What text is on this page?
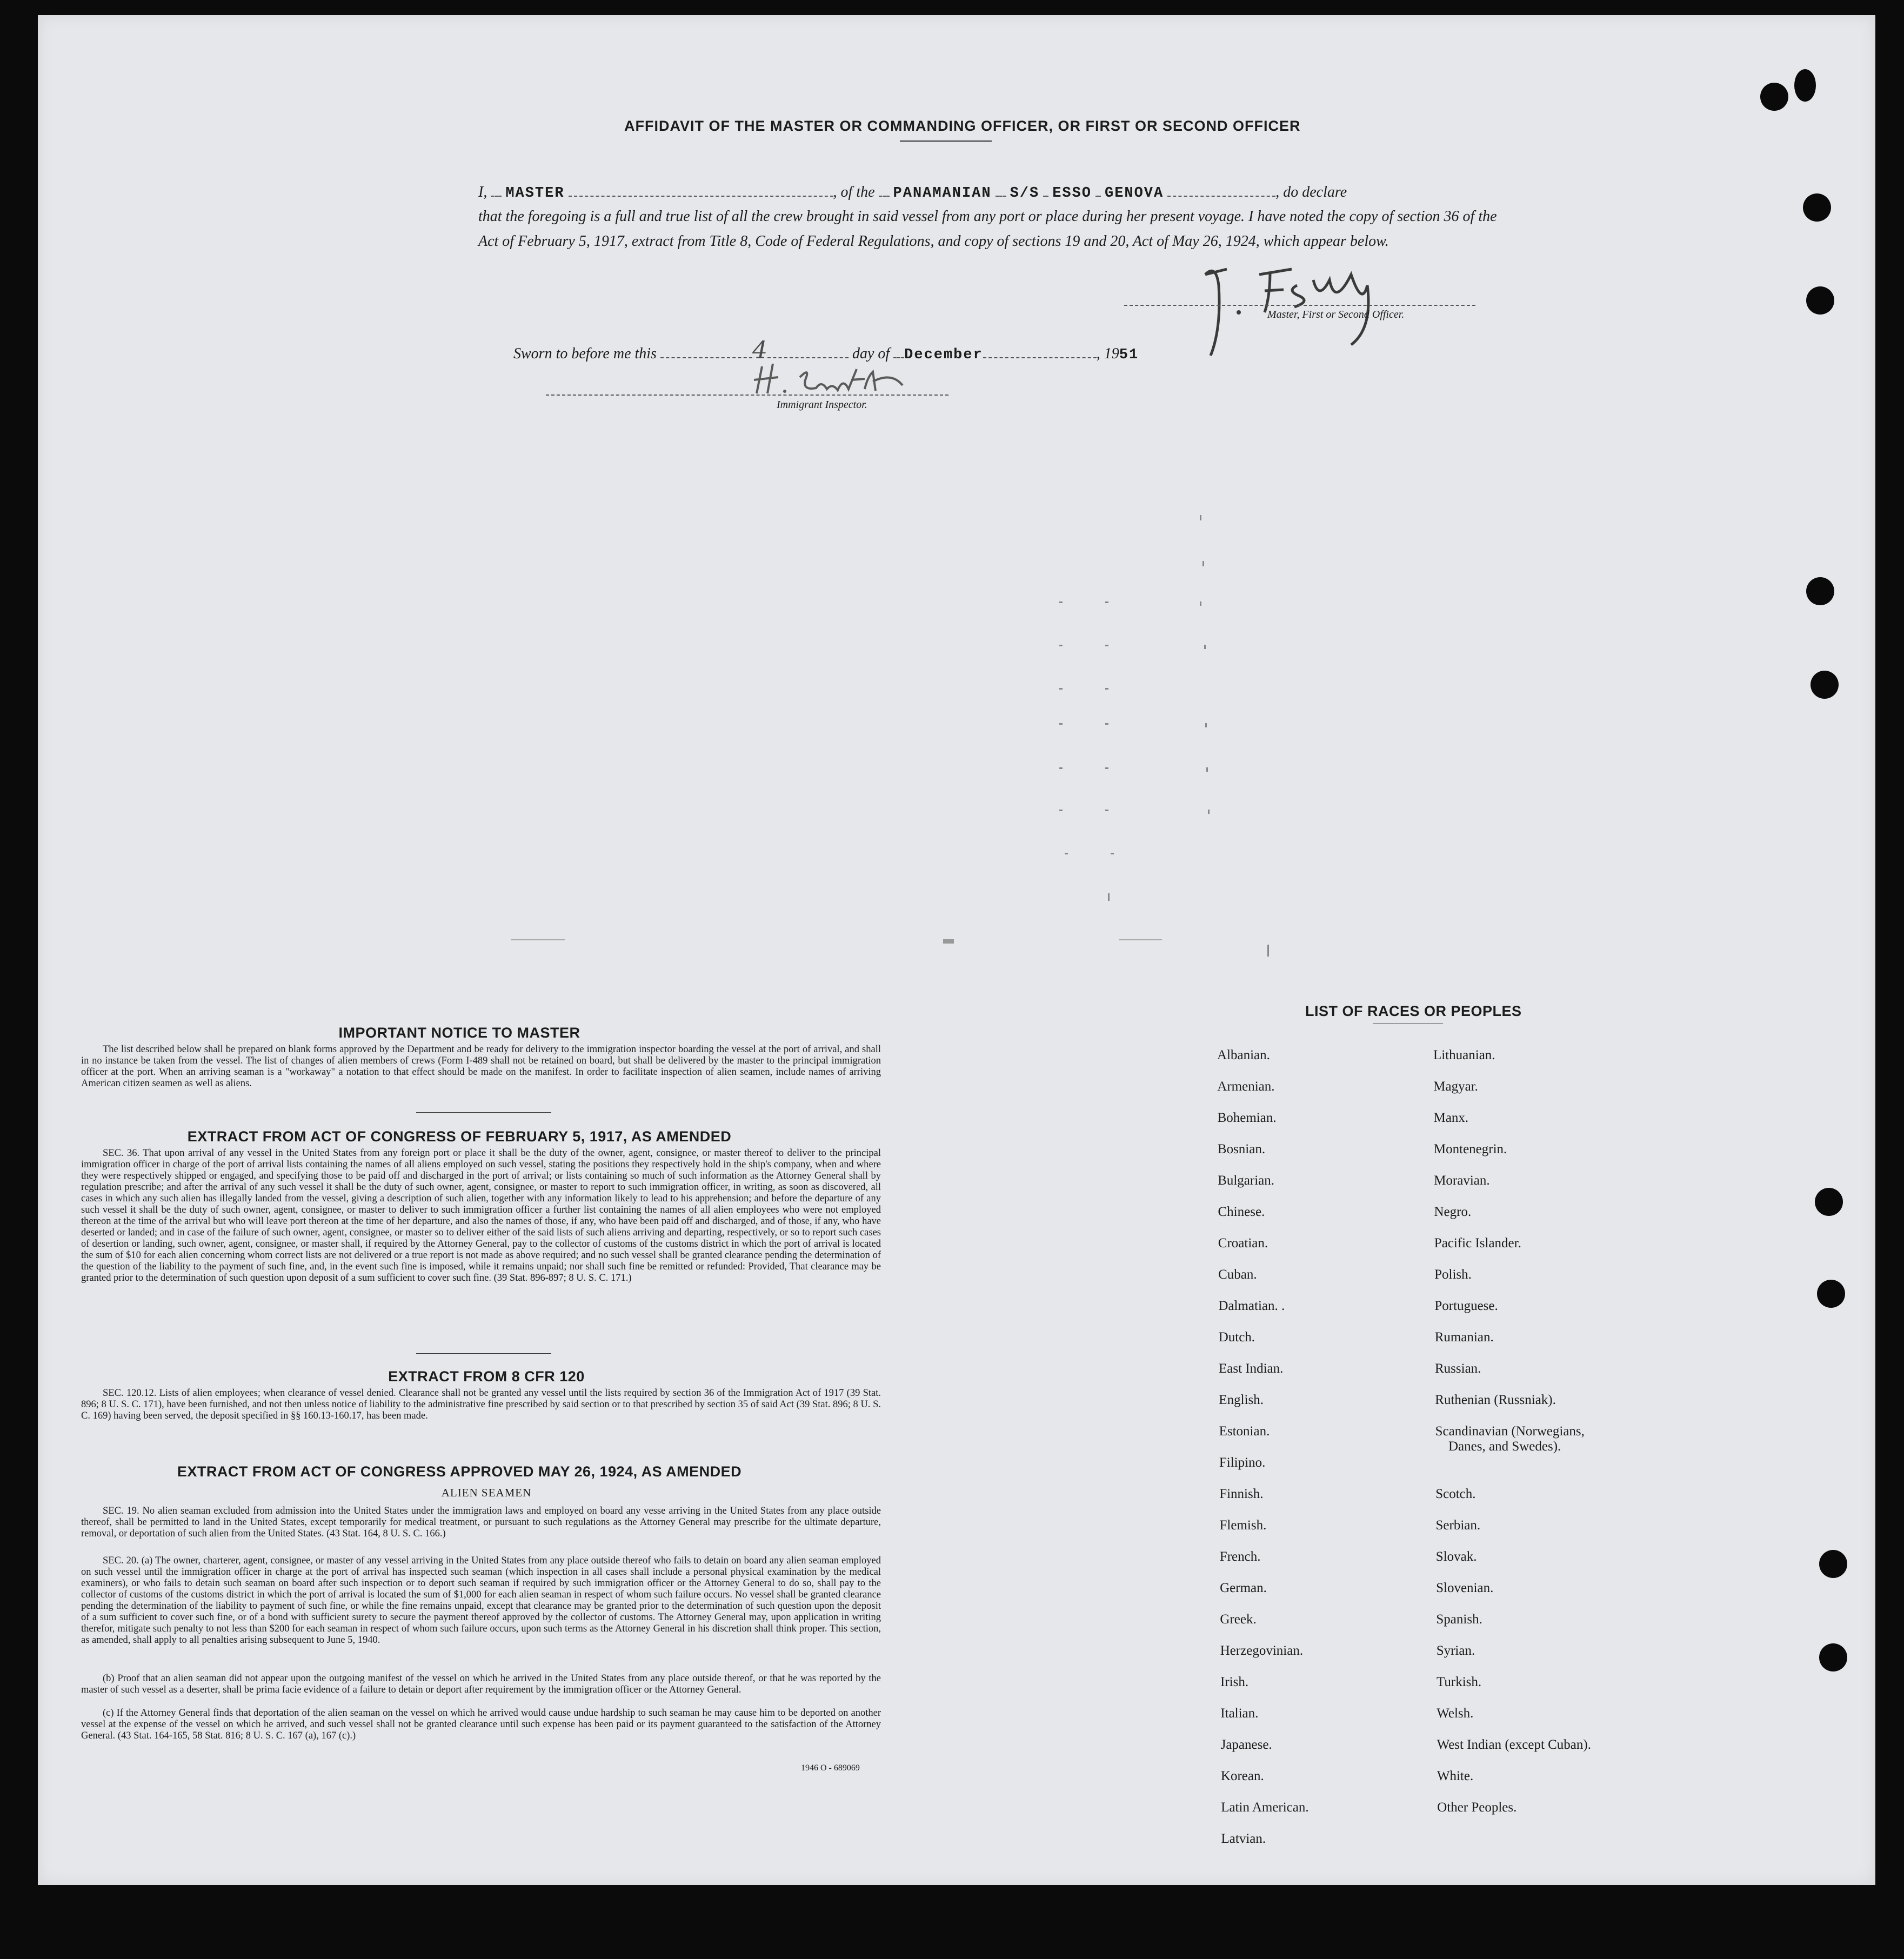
AFFIDAVIT OF THE MASTER OR COMMANDING OFFICER, OR FIRST OR SECOND OFFICER
I, MASTER	, of the PANAMANIAN S/S ESSO GENOVA	, do declare
that the foregoing is a full and true list of all the crew brought in said vessel from any port or place during her present voyage. I have noted the copy of section 36 of the Act of February 5, 1917, extract from Title 8, Code of Federal Regulations, and copy of sections 19 and 20, Act of May 26, 1924, which appear below.
Master, First or Second Officer.
Sworn to before me this	4	day of December	, 1951
Immigrant Inspector.
IMPORTANT NOTICE TO MASTER
The list described below shall be prepared on blank forms approved by the Department and be ready for delivery to the immigration inspector boarding the vessel at the port of arrival, and shall in no instance be taken from the vessel. The list of changes of alien members of crews (Form I-489 shall not be retained on board, but shall be delivered by the master to the principal immigration officer at the port. When an arriving seaman is a "workaway" a notation to that effect should be made on the manifest. In order to facilitate inspection of alien seamen, include names of arriving American citizen seamen as well as aliens.
EXTRACT FROM ACT OF CONGRESS OF FEBRUARY 5, 1917, AS AMENDED
SEC. 36. That upon arrival of any vessel in the United States from any foreign port or place it shall be the duty of the owner, agent, consignee, or master thereof to deliver to the principal immigration officer in charge of the port of arrival lists containing the names of all aliens employed on such vessel, stating the positions they respectively hold in the ship's company, when and where they were respectively shipped or engaged, and specifying those to be paid off and discharged in the port of arrival; or lists containing so much of such information as the Attorney General shall by regulation prescribe; and after the arrival of any such vessel it shall be the duty of such owner, agent, consignee, or master to report to such immigration officer, in writing, as soon as discovered, all cases in which any such alien has illegally landed from the vessel, giving a description of such alien, together with any information likely to lead to his apprehension; and before the departure of any such vessel it shall be the duty of such owner, agent, consignee, or master to deliver to such immigration officer a further list containing the names of all alien employees who were not employed thereon at the time of the arrival but who will leave port thereon at the time of her departure, and also the names of those, if any, who have been paid off and discharged, and of those, if any, who have deserted or landed; and in case of the failure of such owner, agent, consignee, or master so to deliver either of the said lists of such aliens arriving and departing, respectively, or so to report such cases of desertion or landing, such owner, agent, consignee, or master shall, if required by the Attorney General, pay to the collector of customs of the customs district in which the port of arrival is located the sum of $10 for each alien concerning whom correct lists are not delivered or a true report is not made as above required; and no such vessel shall be granted clearance pending the determination of the question of the liability to the payment of such fine, and, in the event such fine is imposed, while it remains unpaid; nor shall such fine be remitted or refunded: Provided, That clearance may be granted prior to the determination of such question upon deposit of a sum sufficient to cover such fine. (39 Stat. 896-897; 8 U. S. C. 171.)
EXTRACT FROM 8 CFR 120
SEC. 120.12. Lists of alien employees; when clearance of vessel denied. Clearance shall not be granted any vessel until the lists required by section 36 of the Immigration Act of 1917 (39 Stat. 896; 8 U. S. C. 171), have been furnished, and not then unless notice of liability to the administrative fine prescribed by said section or to that prescribed by section 35 of said Act (39 Stat. 896; 8 U. S. C. 169) having been served, the deposit specified in §§ 160.13-160.17, has been made.
EXTRACT FROM ACT OF CONGRESS APPROVED MAY 26, 1924, AS AMENDED
ALIEN SEAMEN
SEC. 19. No alien seaman excluded from admission into the United States under the immigration laws and employed on board any vesse arriving in the United States from any place outside thereof, shall be permitted to land in the United States, except temporarily for medical treatment, or pursuant to such regulations as the Attorney General may prescribe for the ultimate departure, removal, or deportation of such alien from the United States. (43 Stat. 164, 8 U. S. C. 166.)
SEC. 20. (a) The owner, charterer, agent, consignee, or master of any vessel arriving in the United States from any place outside thereof who fails to detain on board any alien seaman employed on such vessel until the immigration officer in charge at the port of arrival has inspected such seaman (which inspection in all cases shall include a personal physical examination by the medical examiners), or who fails to detain such seaman on board after such inspection or to deport such seaman if required by such immigration officer or the Attorney General to do so, shall pay to the collector of customs of the customs district in which the port of arrival is located the sum of $1,000 for each alien seaman in respect of whom such failure occurs. No vessel shall be granted clearance pending the determination of the liability to payment of such fine, or while the fine remains unpaid, except that clearance may be granted prior to the determination of such question upon the deposit of a sum sufficient to cover such fine, or of a bond with sufficient surety to secure the payment thereof approved by the collector of customs. The Attorney General may, upon application in writing therefor, mitigate such penalty to not less than $200 for each seaman in respect of whom such failure occurs, upon such terms as the Attorney General in his discretion shall think proper. This section, as amended, shall apply to all penalties arising subsequent to June 5, 1940.
(b) Proof that an alien seaman did not appear upon the outgoing manifest of the vessel on which he arrived in the United States from any place outside thereof, or that he was reported by the master of such vessel as a deserter, shall be prima facie evidence of a failure to detain or deport after requirement by the immigration officer or the Attorney General.
(c) If the Attorney General finds that deportation of the alien seaman on the vessel on which he arrived would cause undue hardship to such seaman he may cause him to be deported on another vessel at the expense of the vessel on which he arrived, and such vessel shall not be granted clearance until such expense has been paid or its payment guaranteed to the satisfaction of the Attorney General. (43 Stat. 164-165, 58 Stat. 816; 8 U. S. C. 167 (a), 167 (c).)
1946 O - 689069
LIST OF RACES OR PEOPLES
Albanian.
Armenian.
Bohemian.
Bosnian.
Bulgarian.
Chinese.
Croatian.
Cuban.
Dalmatian. .
Dutch.
East Indian.
English.
Estonian.
Filipino.
Finnish.
Flemish.
French.
German.
Greek.
Herzegovinian.
Irish.
Italian.
Japanese.
Korean.
Latin American.
Latvian.
Lithuanian.
Magyar.
Manx.
Montenegrin.
Moravian.
Negro.
Pacific Islander.
Polish.
Portuguese.
Rumanian.
Russian.
Ruthenian (Russniak).
Scandinavian (Norwegians,
Danes, and Swedes).
Scotch.
Serbian.
Slovak.
Slovenian.
Spanish.
Syrian.
Turkish.
Welsh.
West Indian (except Cuban).
White.
Other Peoples.
